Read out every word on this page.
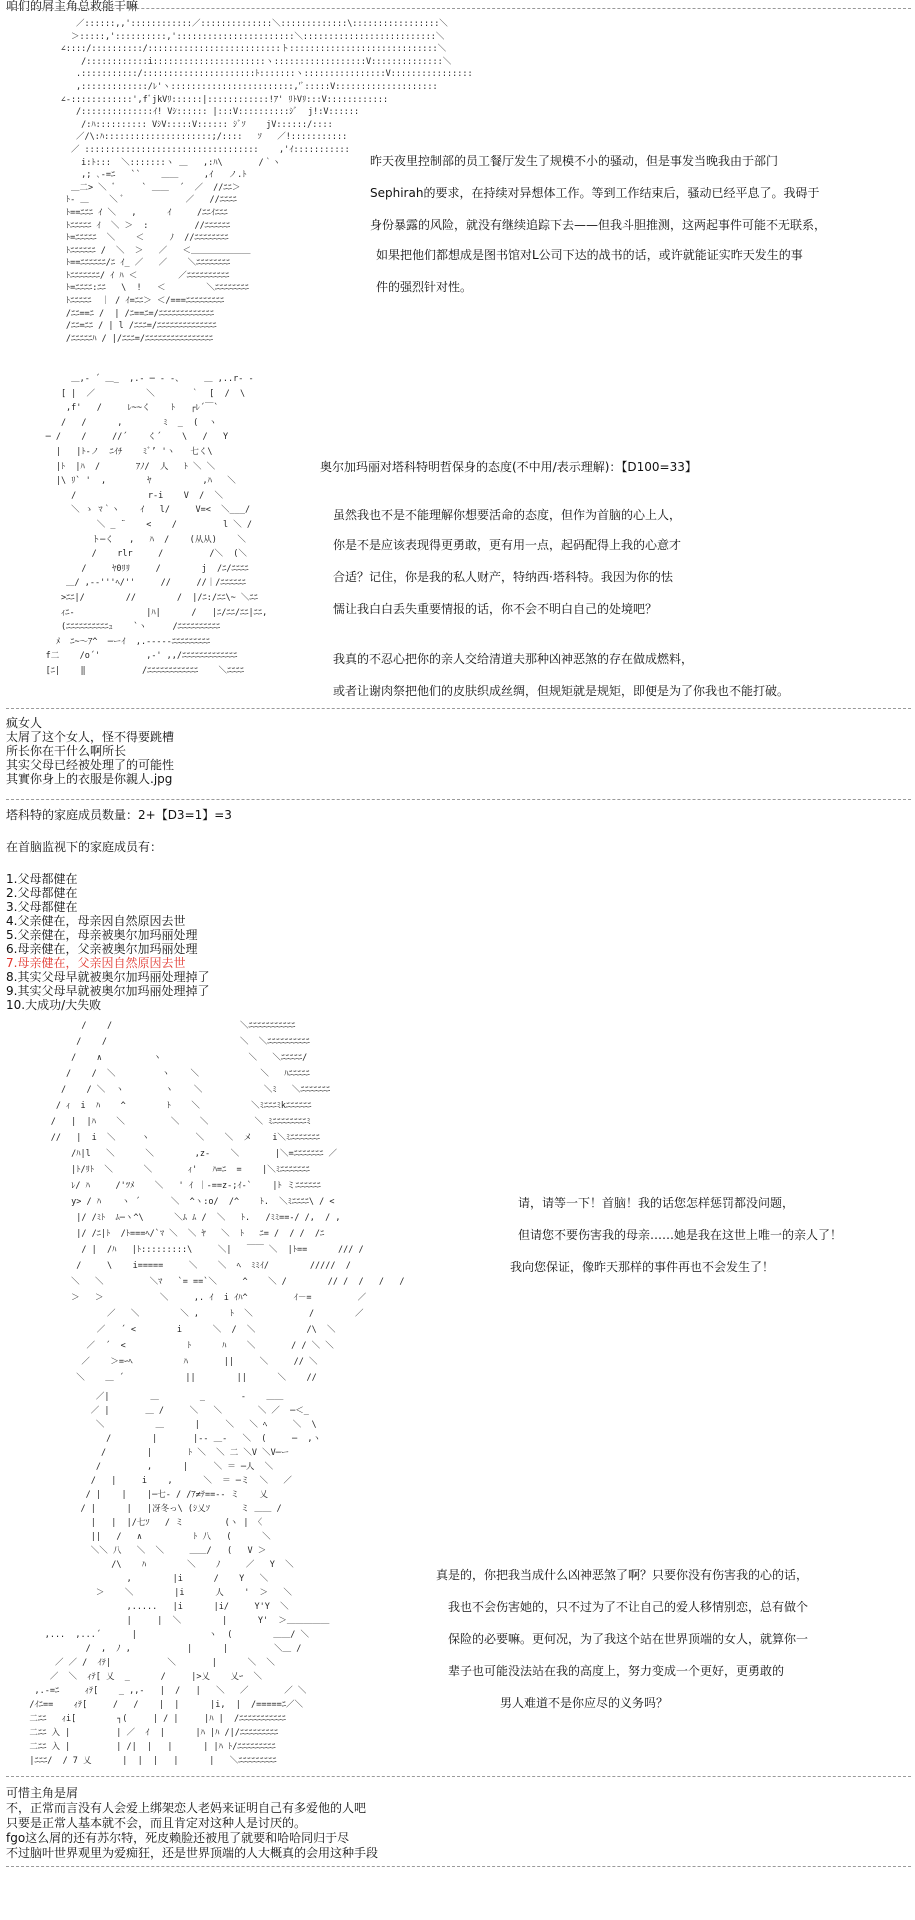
咱们的屑主角总救能干嘛
／::::::,,'::::::::::::／::::::::::::::＼:::::::::::::\:::::::::::::::::＼
＞:::::,'::::::::::,':::::::::::::::::::::::＼::::::::::::::::::::::::::＼
∠::::/::::::::::/::::::::::::::::::::::::::ト:::::::::::::::::::::::::::::＼
/::::::::::::i::::::::::::::::::::::ヽ::::::::::::::::::V::::::::::::::＼
.:::::::::::/::::::::::::::::::::::ﾄ:::::::ヽ::::::::::::::::V::::::::::::::::
,:::::::::::::/ﾚ'ヽ::::::::::::::::::::::::,'ﾞ:::::V::::::::::::::::::::
∠-::::::::::::',fﾞjkVﾘ::::::|::::::::::::!ｱ' ﾘﾄVﾘ:::V::::::::::::
/::::::::::::::ｲ! Vｼ:::::: |:::V::::::::::ｼﾞ  j!:V::::::
/:ﾊ:::::::::: VｼV:::::V:::::: ｼﾞｿ    jV::::::/::::
／/\:ﾊ:::::::::::::::::::::;/::::   ｿ   ／!:::::::::::
／ ::::::::::::::::::::::::::::::::::    ,'ｲ:::::::::::
i:ﾄ:::  ＼:::::::ヽ ＿   ,:ﾊ\       /｀ヽ
,; ､-=ﾆ   ``    ＿＿     ,ｲ   ノ.ﾄ
＿二> ＼ ﾞ     ` ＿＿  ´  ／  //ﾆﾆ＞
ﾄ- ＿    ＼ ﾞ            ／   //ﾆﾆﾆﾆ
ﾄ==ﾆﾆﾆ ｲ ＼   ,      ｲ     /ﾆﾆｲﾆﾆﾆ
ﾄﾆﾆﾆﾆﾆ ｲ  ＼ ＞  :         //ﾆﾆﾆﾆﾆﾆ
ﾄ=ﾆﾆﾆﾆﾆ  ＼    ＜     ﾉ  //ﾆﾆﾆﾆﾆﾆﾆﾆ
ﾄﾆﾆﾆﾆﾆﾆ /  ＼  ＞   ／   ＜＿＿＿＿＿＿＿
ﾄ==ﾆﾆﾆﾆﾆﾆ/ﾆ ｲ_ ／   ／    ＼ﾆﾆﾆﾆﾆﾆﾆﾆ
ﾄﾆﾆﾆﾆﾆﾆﾆ/ ｲ ﾊ ＜        ／ﾆﾆﾆﾆﾆﾆﾆﾆﾆﾆ
ﾄ=ﾆﾆﾆﾆ:ﾆﾆ   \  !   ＜        ＼ﾆﾆﾆﾆﾆﾆﾆﾆ
ﾄﾆﾆﾆﾆﾆ  ｜ / ｲ=ﾆﾆ＞ ＜/===ﾆﾆﾆﾆﾆﾆﾆﾆﾆ
/ﾆﾆ==ﾆ /  | /ﾆ==ﾆ=/ﾆﾆﾆﾆﾆﾆﾆﾆﾆﾆﾆﾆﾆ
/ﾆﾆ=ﾆﾆ / | l /ﾆﾆﾆ=/ﾆﾆﾆﾆﾆﾆﾆﾆﾆﾆﾆﾆﾆﾆ
/ﾆﾆﾆﾆﾆﾊ / |/ﾆﾆﾆ=/ﾆﾆﾆﾆﾆﾆﾆﾆﾆﾆﾆﾆﾆﾆﾆﾆ
昨天夜里控制部的员工餐厅发生了规模不小的骚动，但是事发当晚我由于部门
Sephirah的要求，在持续对异想体工作。等到工作结束后，骚动已经平息了。我碍于
身份暴露的风险，就没有继续追踪下去——但我斗胆推测，这两起事件可能不无联系，
如果把他们都想成是图书馆对L公司下达的战书的话，或许就能证实昨天发生的事
件的强烈针对性。
＿,- ´ ＿_  ,.- ─ ‐ -、    ＿ ,..r‐ ‐
[ |  ／          ＼       ｀  [  /  \
,f'   /     ﾚ~~く    ﾄ   ┌ﾚ´￣`
/   /      ,        ﾐ  _  (  ヽ
─ /    /     //´    く´    \   /   Y
|   |ﾄ-ノ  ﾆｲﾁ    ﾐﾞ’ 'ヽ   七く\
|ﾄ  |ﾊ  /       ｱﾉ/  人   ﾄ ＼ ＼
|\ ﾘ` '  ,        ﾔ          ,ﾊ   ＼
/              r‐i    V  /  ＼
＼ ゝ ﾏ｀ヽ    ｲ   l/     V=<  ＼___/
＼ _ ¨    <    /         l ＼ /
ト─く   ,   ﾊ  /    (从从)    ＼
/    rlr     /         /＼  (＼
/     ﾔ0ﾘﾘ     /        j  /ﾆ/ﾆﾆﾆﾆ
＿/ ,-‐'''ﾍ/''     //     //｜/ﾆﾆﾆﾆﾆﾆ
>ﾆﾆ|/        //        /  |/ﾆ:/ﾆﾆ\~ ＼ﾆﾆ
ｨﾆ-              |ﾊ|      /   |ﾆ/ﾆﾆ/ﾆﾆ|ﾆﾆ,
(ﾆﾆﾆﾆﾆﾆﾆﾆﾆﾆｭ    `ヽ     /ﾆﾆﾆﾆﾆﾆﾆﾆﾆﾆ
ﾒ  ﾆ~～ｱ^  ─ーｲ  ,.-----ﾆﾆﾆﾆﾆﾆﾆﾆﾆ
f二    /o´'         ,-' ,,/ﾆﾆﾆﾆﾆﾆﾆﾆﾆﾆﾆﾆﾆ
[ﾆ|    ‖           /ﾆﾆﾆﾆﾆﾆﾆﾆﾆﾆﾆﾆ    ＼ﾆﾆﾆﾆ
奥尔加玛丽对塔科特明哲保身的态度(不中用/表示理解)：【D100=33】
虽然我也不是不能理解你想要活命的态度，但作为首脑的心上人，
你是不是应该表现得更勇敢，更有用一点，起码配得上我的心意才
合适？记住，你是我的私人财产，特纳西·塔科特。我因为你的怯
懦让我白白丢失重要情报的话，你不会不明白自己的处境吧？
我真的不忍心把你的亲人交给清道夫那种凶神恶煞的存在做成燃料，
或者让谢肉祭把他们的皮肤织成丝绸，但规矩就是规矩，即便是为了你我也不能打破。
疯女人
太屑了这个女人，怪不得要跳槽
所长你在干什么啊所长
其实父母已经被处理了的可能性
其實你身上的衣服是你親人.jpg
塔科特的家庭成员数量：2+【D3=1】=3
在首脑监视下的家庭成员有：
1.父母都健在
2.父母都健在
3.父母都健在
4.父亲健在，母亲因自然原因去世
5.父亲健在，母亲被奥尔加玛丽处理
6.母亲健在，父亲被奥尔加玛丽处理
7.母亲健在，父亲因自然原因去世
8.其实父母早就被奥尔加玛丽处理掉了
9.其实父母早就被奥尔加玛丽处理掉了
10.大成功/大失败
/    /                         ＼ﾆﾆﾆﾆﾆﾆﾆﾆﾆﾆﾆ
/    /                          ＼  ＼ﾆﾆﾆﾆﾆﾆﾆﾆﾆﾆ
/    ∧          ヽ                 ＼   ＼ﾆﾆﾆﾆﾆ/
/    /  ＼         ヽ    ＼            ＼   ﾊﾆﾆﾆﾆﾆ
/    / ＼  ヽ        ヽ    ＼            ＼ﾐ   ＼ﾆﾆﾆﾆﾆﾆﾆ
/ ｨ  i  ﾊ    ^        ﾄ    ＼          ＼ﾐﾆﾆﾆﾐkﾆﾆﾆﾆﾆﾆ
/   |  |ﾊ    ＼         ＼    ＼         ＼ ﾐﾆﾆﾆﾆﾆﾆﾆﾆﾐ
//   |  i  ＼     ヽ         ＼    ＼  メ    i＼ﾐﾆﾆﾆﾆﾆﾆﾆ
/ﾊ|l   ＼      ＼        ,z-    ＼       |＼=ﾆﾆﾆﾆﾆﾆﾆ ／
|ﾄ/ﾘﾄ  ＼      ＼       ｨ'   ﾊ=ﾆ  =    |＼ﾐﾆﾆﾆﾆﾆﾆﾆ
ﾚ/ ﾊ     /'ﾂﾒ    ＼   ' ｲ ｜-==z-;ｲ-`    |ﾄ ミﾆﾆﾆﾆﾆﾆ
y> / ﾊ    ヽ ´      ＼  ^ヽ:o/  /^    ﾄ.  ＼ﾐﾆﾆﾆﾆ\ / <
|/ /ﾐﾄ  ﾑ─ヽ^\      ＼ﾑ ﾑ /  ＼   ﾄ.   /ﾐﾐ==‐/ /,  / ,
|/ /ﾆ|ﾄ  /ﾄ===ﾍ/`ﾏ ＼  ＼ ﾔ   ＼  ﾄ   ﾆ= /  / /  /ﾆ
/ |  /ﾊ   |ﾄ:::::::::\     ＼|   ￣￣ ＼  |ﾄ==      /// /
/     \    i=====     ＼    ＼  ﾍ  ﾐﾐｲ/        /////  /
＼   ＼         ＼ﾏ   `= ==`＼     ^    ＼ /        // /  /   /   /
＞   ＞           ＼     ,. ｲ  i ｲﾊ^         ｲ－=         ／
／   ＼        ＼ ,      ﾄ  ＼           /        ／
／   ´ <        i      ＼  /  ＼          /\  ＼
／  ´  <            ﾄ      ﾊ    ＼       / / ＼ ＼
／    ＞=ｰﾍ          ﾊ       ||     ＼     // ＼
＼    ＿ ´            ||        ||      ＼    //
请，请等一下！首脑！我的话您怎样惩罚都没问题，
但请您不要伤害我的母亲……她是我在这世上唯一的亲人了！
我向您保证，像昨天那样的事件再也不会发生了！
／|        ＿        _       -    ＿＿
／ |       ＿ /     ＼   ＼       ＼ ／  ─＜_
＼          ＿      |     ＼   ＼ ﾍ     ＼  \
/        |       |‐- ＿-   ＼  (     ─  ,ヽ
/        |       ﾄ ＼  ＼ 二 ＼V ＼V─ー
/         ,      |     ＼ ＝ ─人  ＼
/   |     i    ,      ＼  ＝ ─ミ  ＼   ／
/ |    |    |─七‐ / /ｱ≠ﾃ==-- ミ    乂
/ |      |   |冴冬っ\ (ｼ乂ｿ      ミ ＿＿ /
|   |  |/七ｿ   / ミ        (ヽ | 〈
||   /   ∧          ﾄ 八   (      ＼
＼＼ 八   ＼  ＼     ＿＿/   (   V ＞
/\    ﾊ        ＼    ﾉ     ／   Y  ＼
,        |i      /    Y   ＼
＞    ＼        |i      人    '  ＞   ＼
,.....   |i      |i/     Y'Y  ＼
|     |  ＼        |      Y'  ＞＿＿＿＿＿
,...  ,...´      |              ヽ  (        ＿＿/ ＼
/  ,  ﾉ ,           |      |         ＼＿ /
／ ／ /  ｲﾃ|           ＼       |      ＼  ＼
／  ＼  ｨﾃ[ 乂  _      /     |>乂    乂ｰ  ＼
,.-=ﾆ     ｨﾃ[    _ ,,-   |  /   |   ＼   ／       ／ ＼
/ｲﾆ==    ｨﾃ[     /   /    |  |      |i,  |  /=====ﾆ／＼
二ﾆﾆ   ｨi[        ┐(     | / |     |ﾊ |  /ﾆﾆﾆﾆﾆﾆﾆﾆﾆﾆﾆ
二ﾆﾆ 入 |         | ／  ｲ  |      |ﾊ |ﾊ /|/ﾆﾆﾆﾆﾆﾆﾆﾆﾆ
二ﾆﾆ 入 |         | /|  |   |      | |ﾊ ﾄ/ﾆﾆﾆﾆﾆﾆﾆﾆﾆ
|ﾆﾆﾆ/  / 7 乂      |  |  |   |      |   ＼ﾆﾆﾆﾆﾆﾆﾆﾆﾆ
真是的，你把我当成什么凶神恶煞了啊？只要你没有伤害我的心的话，
我也不会伤害她的，只不过为了不让自己的爱人移情别恋，总有做个
保险的必要嘛。更何况，为了我这个站在世界顶端的女人，就算你一
辈子也可能没法站在我的高度上，努力变成一个更好，更勇敢的
男人难道不是你应尽的义务吗？
可惜主角是屑
不，正常而言没有人会爱上绑架恋人老妈来证明自己有多爱他的人吧
只要是正常人基本就不会，而且肯定对这种人是讨厌的。
fgo这么屑的还有苏尔特，死皮赖脸还被甩了就要和哈哈同归于尽
不过脑叶世界观里为爱痴狂，还是世界顶端的人大概真的会用这种手段
